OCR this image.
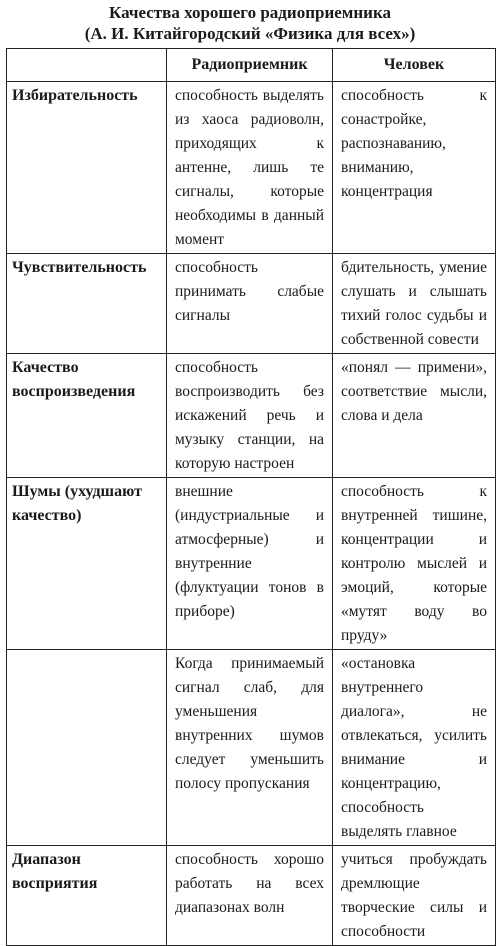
Качества хорошего радиоприемника
(А. И. Китайгородский «Физика для всех»)
	Радиоприемник	Человек
Избирательность	способность выделять из хаоса радиоволн, приходящих к антенне, лишь те сигналы, которые необходимы в данный момент	способность к сонастройке, распознаванию, вниманию, концентрация
Чувствительность	способность принимать слабые сигналы	бдительность, умение слушать и слышать тихий голос судьбы и собственной совести
Качество воспроизведения	способность воспроизводить без искажений речь и музыку станции, на которую настроен	«понял — примени», соответствие мысли, слова и дела
Шумы (ухудшают качество)	внешние (индустриальные и атмосферные) и внутренние (флуктуации тонов в приборе)	способность к внутренней тишине, концентрации и контролю мыслей и эмоций, которые «мутят воду во пруду»
	Когда принимаемый сигнал слаб, для уменьшения внутренних шумов следует уменьшить полосу пропускания	«остановка внутреннего диалога», не отвлекаться, усилить внимание и концентрацию, способность выделять главное
Диапазон восприятия	способность хорошо работать на всех диапазонах волн	учиться пробуждать дремлющие творческие силы и способности
